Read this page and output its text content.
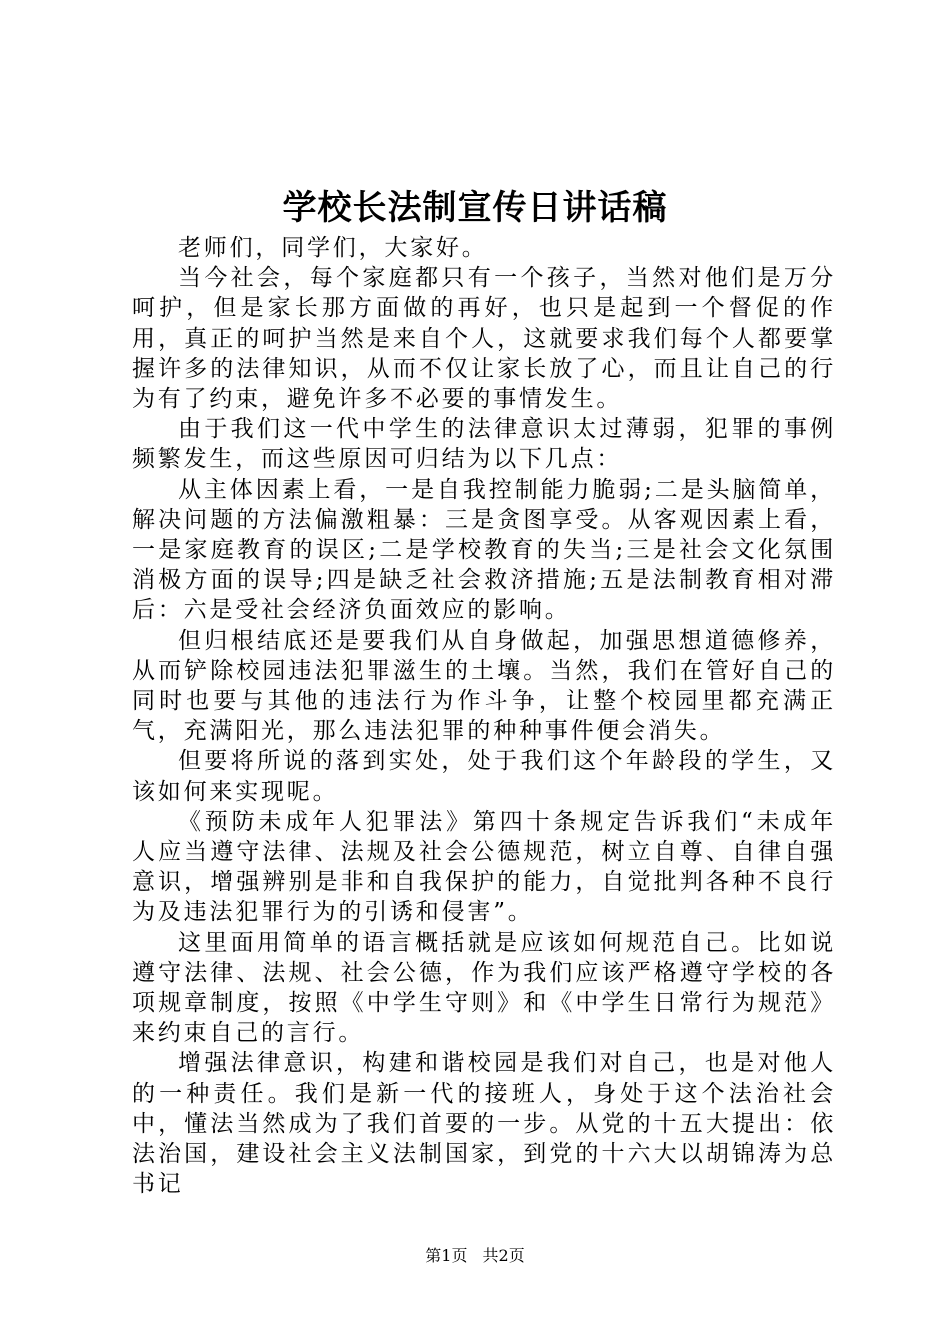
学校长法制宣传日讲话稿

老师们，同学们，大家好。

当今社会，每个家庭都只有一个孩子，当然对他们是万分呵护，但是家长那方面做的再好，也只是起到一个督促的作用，真正的呵护当然是来自个人，这就要求我们每个人都要掌握许多的法律知识，从而不仅让家长放了心，而且让自己的行为有了约束，避免许多不必要的事情发生。

由于我们这一代中学生的法律意识太过薄弱，犯罪的事例频繁发生，而这些原因可归结为以下几点：

从主体因素上看，一是自我控制能力脆弱;二是头脑简单，解决问题的方法偏激粗暴：三是贪图享受。从客观因素上看，一是家庭教育的误区;二是学校教育的失当;三是社会文化氛围消极方面的误导;四是缺乏社会救济措施;五是法制教育相对滞后：六是受社会经济负面效应的影响。

但归根结底还是要我们从自身做起，加强思想道德修养，从而铲除校园违法犯罪滋生的土壤。当然，我们在管好自己的同时也要与其他的违法行为作斗争，让整个校园里都充满正气，充满阳光，那么违法犯罪的种种事件便会消失。

但要将所说的落到实处，处于我们这个年龄段的学生，又该如何来实现呢。

《预防未成年人犯罪法》第四十条规定告诉我们“未成年人应当遵守法律、法规及社会公德规范，树立自尊、自律自强意识，增强辨别是非和自我保护的能力，自觉批判各种不良行为及违法犯罪行为的引诱和侵害”。

这里面用简单的语言概括就是应该如何规范自己。比如说遵守法律、法规、社会公德，作为我们应该严格遵守学校的各项规章制度，按照《中学生守则》和《中学生日常行为规范》来约束自己的言行。

增强法律意识，构建和谐校园是我们对自己，也是对他人的一种责任。我们是新一代的接班人，身处于这个法治社会中，懂法当然成为了我们首要的一步。从党的十五大提出：依法治国，建设社会主义法制国家，到党的十六大以胡锦涛为总书记

第1页 共2页
